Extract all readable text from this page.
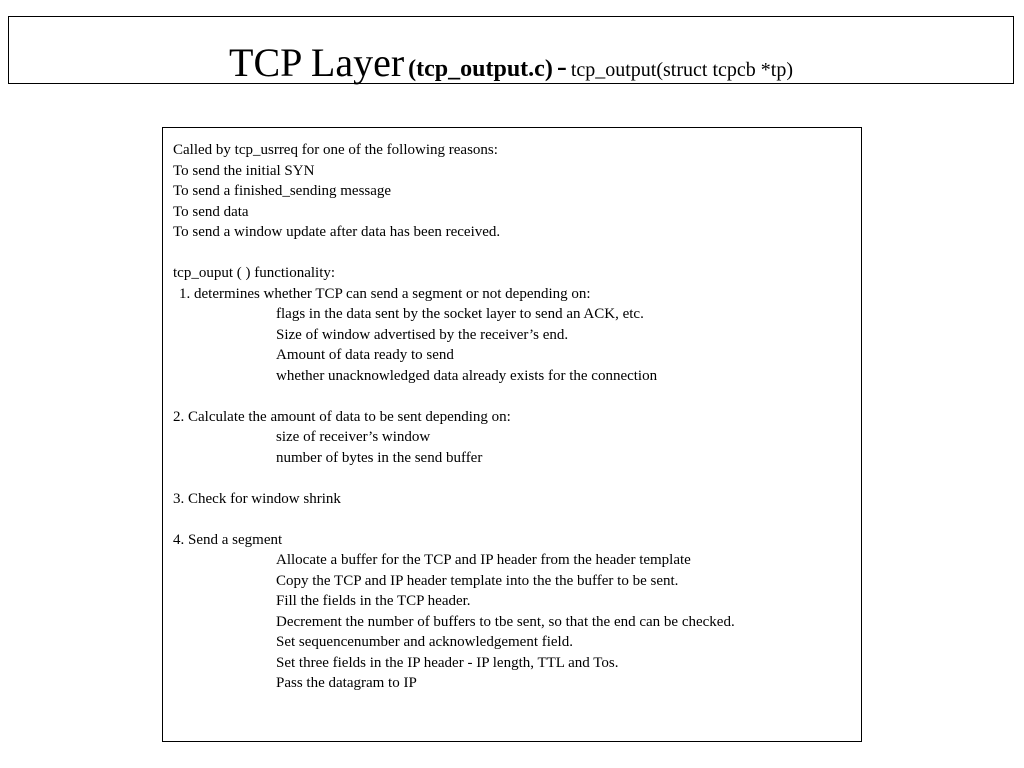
TCP Layer (tcp_output.c) - tcp_output(struct tcpcb *tp)
Called by tcp_usrreq for one of the following reasons:
To send the initial SYN
To send a finished_sending message
To send data
To send a window update after data has been received.
tcp_ouput ( ) functionality:
1. determines whether TCP can send a segment or not depending on:
flags in the data sent by the socket layer to send an ACK, etc.
Size of window advertised by the receiver’s end.
Amount of data ready to send
whether unacknowledged data already exists for the connection
2. Calculate the amount of data to be sent depending on:
size of receiver’s window
number of bytes in the send buffer
3. Check for window shrink
4. Send a segment
Allocate a buffer for the TCP and IP header from the header template
Copy the TCP and IP header template into the the buffer to be sent.
Fill the fields in the TCP header.
Decrement the number of buffers to tbe sent, so that the end can be checked.
Set sequencenumber and acknowledgement field.
Set three fields in the IP header - IP length, TTL and Tos.
Pass the datagram to IP
